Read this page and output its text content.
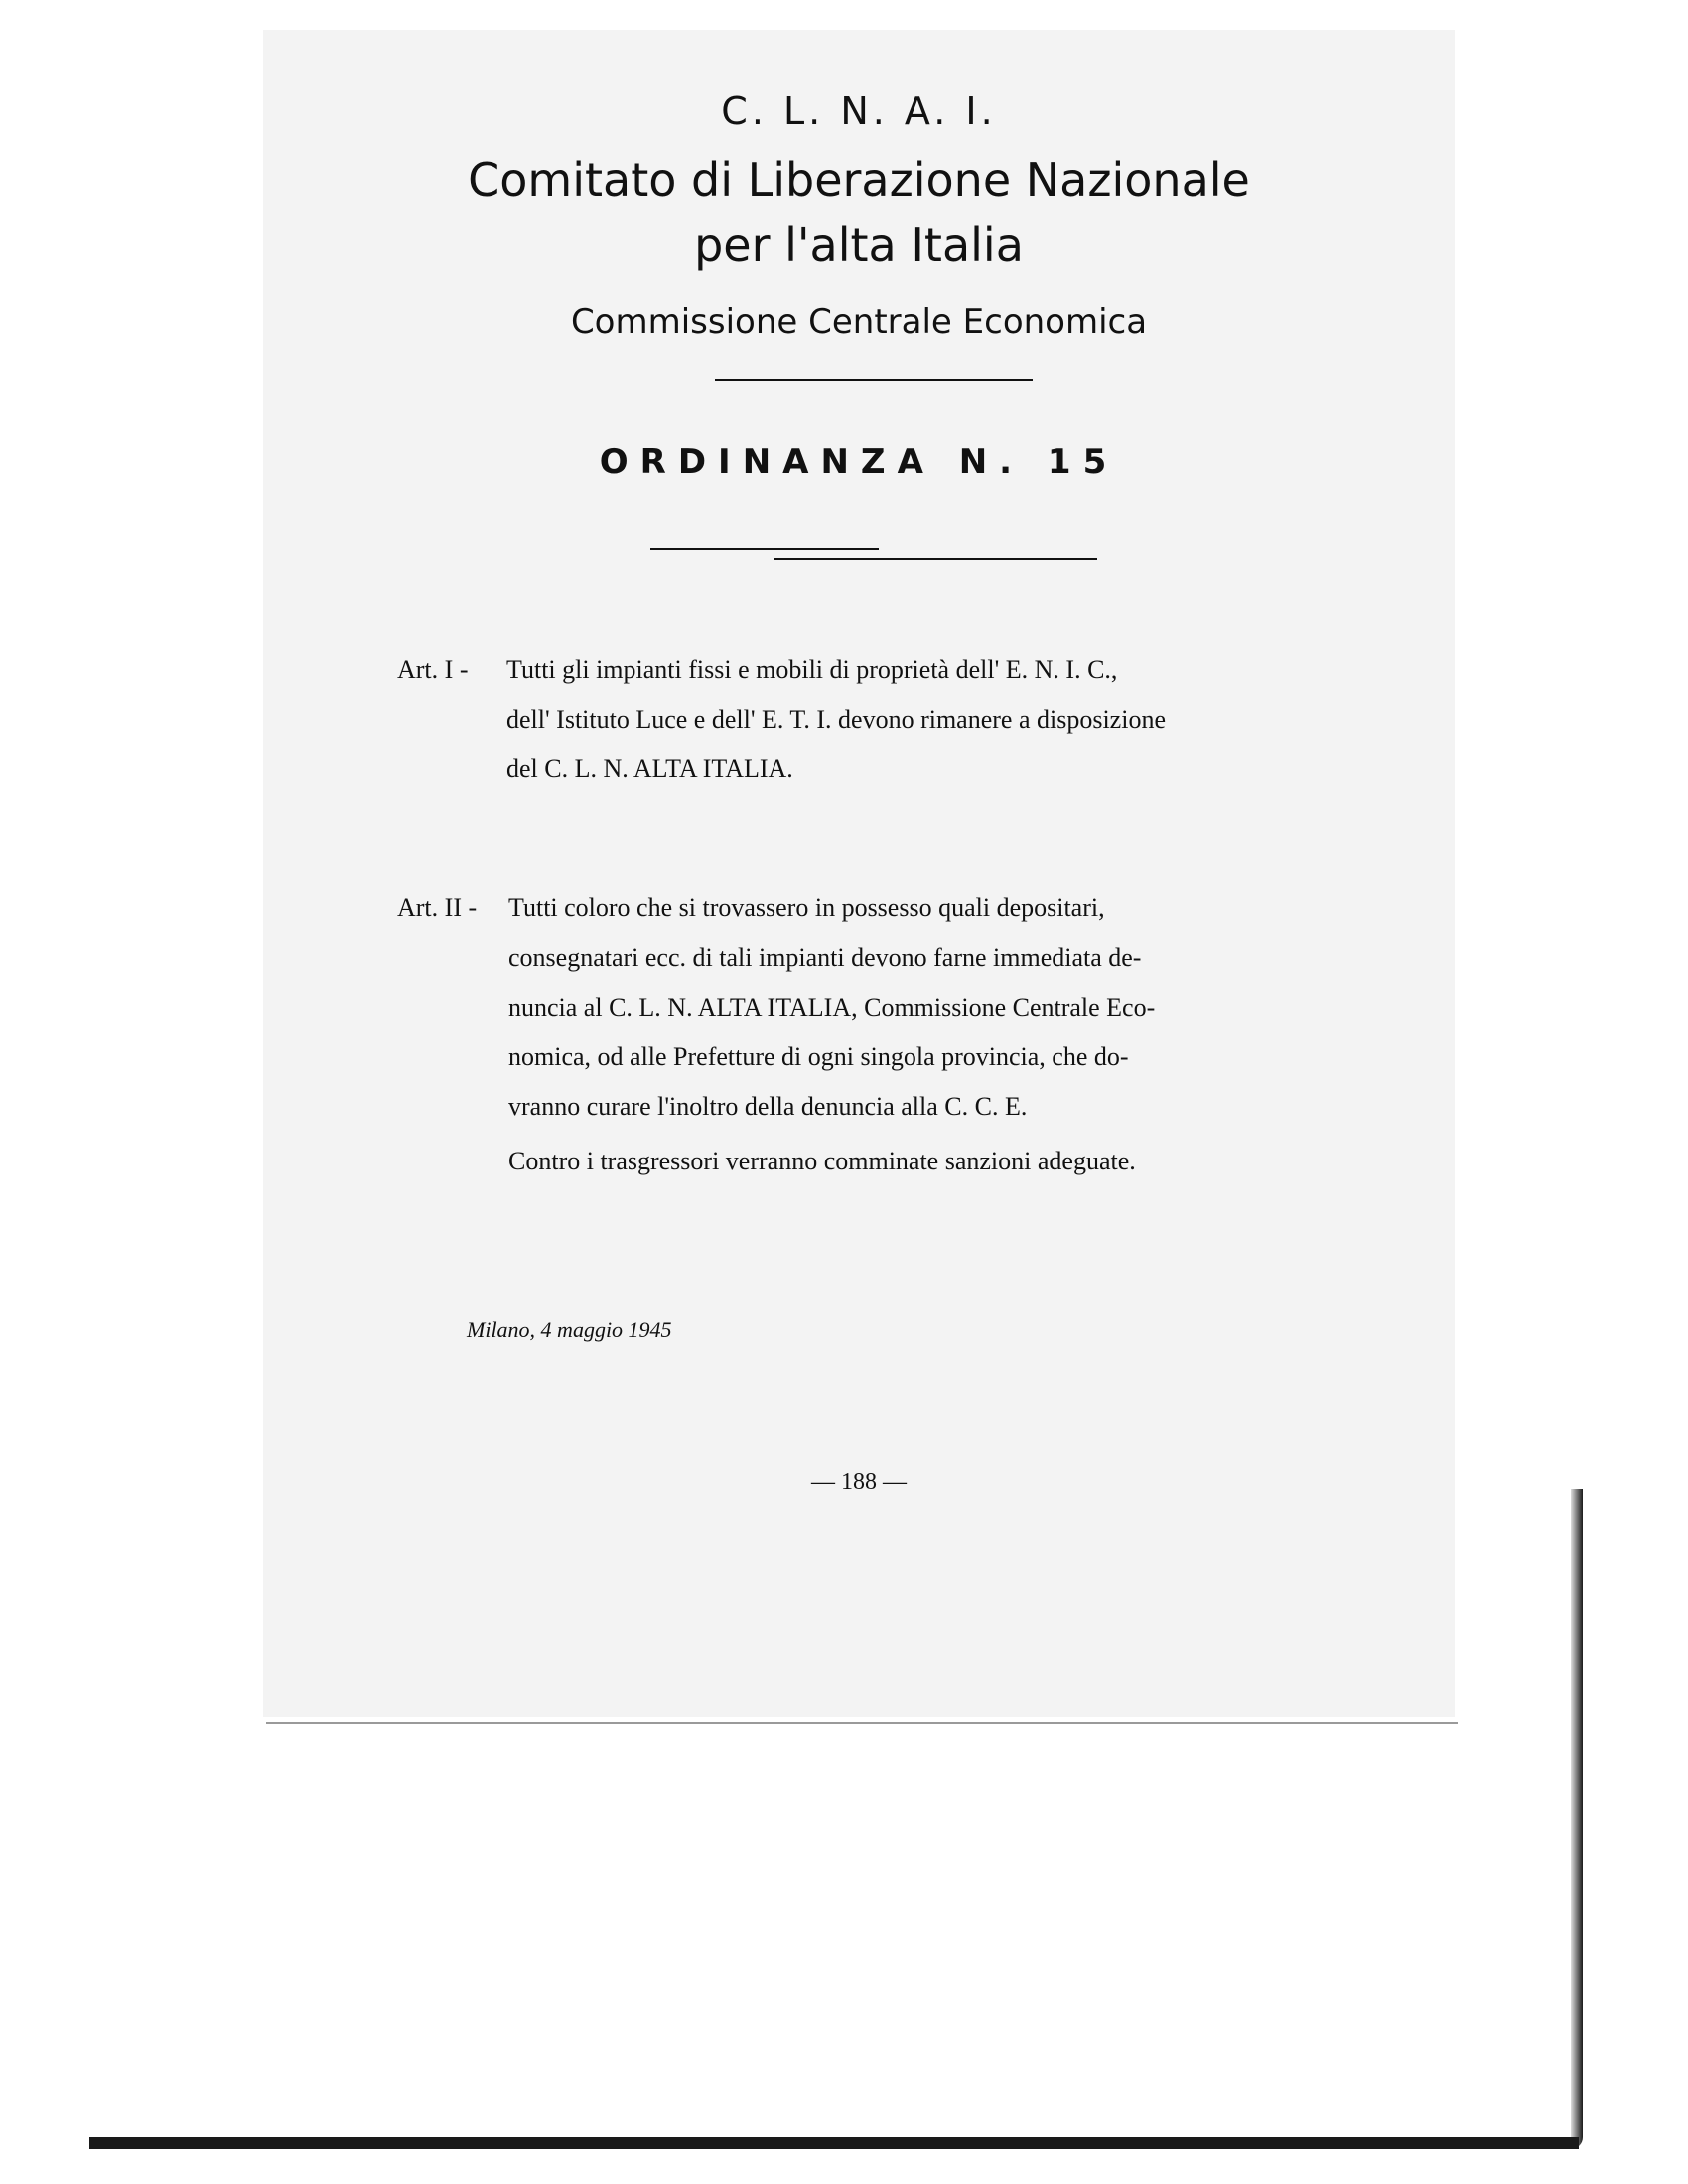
C. L. N. A. I.
Comitato di Liberazione Nazionale
per l'alta Italia
Commissione Centrale Economica
ORDINANZA N. 15
Art. I - Tutti gli impianti fissi e mobili di proprietà dell' E. N. I. C.,
dell' Istituto Luce e dell' E. T. I. devono rimanere a disposizione
del C. L. N. ALTA ITALIA.
Art. II - Tutti coloro che si trovassero in possesso quali depositari,
consegnatari ecc. di tali impianti devono farne immediata de-
nuncia al C. L. N. ALTA ITALIA, Commissione Centrale Eco-
nomica, od alle Prefetture di ogni singola provincia, che do-
vranno curare l'inoltro della denuncia alla C. C. E.
Contro i trasgressori verranno comminate sanzioni adeguate.
Milano, 4 maggio 1945
— 188 —
